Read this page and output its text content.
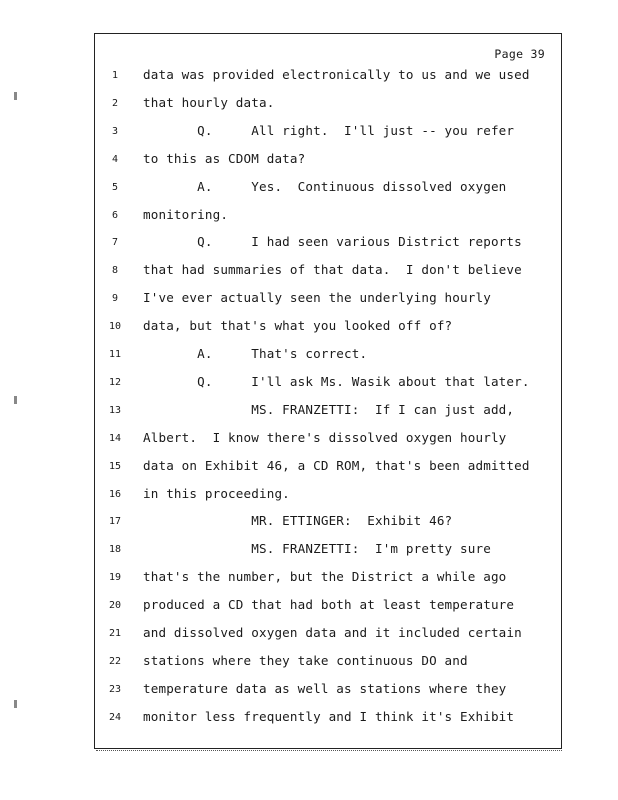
Page 39
1	data was provided electronically to us and we used
2	that hourly data.
3	Q.     All right.  I'll just -- you refer
4	to this as CDOM data?
5	A.     Yes.  Continuous dissolved oxygen
6	monitoring.
7	Q.     I had seen various District reports
8	that had summaries of that data.  I don't believe
9	I've ever actually seen the underlying hourly
10	data, but that's what you looked off of?
11	A.     That's correct.
12	Q.     I'll ask Ms. Wasik about that later.
13	MS. FRANZETTI:  If I can just add,
14	Albert.  I know there's dissolved oxygen hourly
15	data on Exhibit 46, a CD ROM, that's been admitted
16	in this proceeding.
17	MR. ETTINGER:  Exhibit 46?
18	MS. FRANZETTI:  I'm pretty sure
19	that's the number, but the District a while ago
20	produced a CD that had both at least temperature
21	and dissolved oxygen data and it included certain
22	stations where they take continuous DO and
23	temperature data as well as stations where they
24	monitor less frequently and I think it's Exhibit
